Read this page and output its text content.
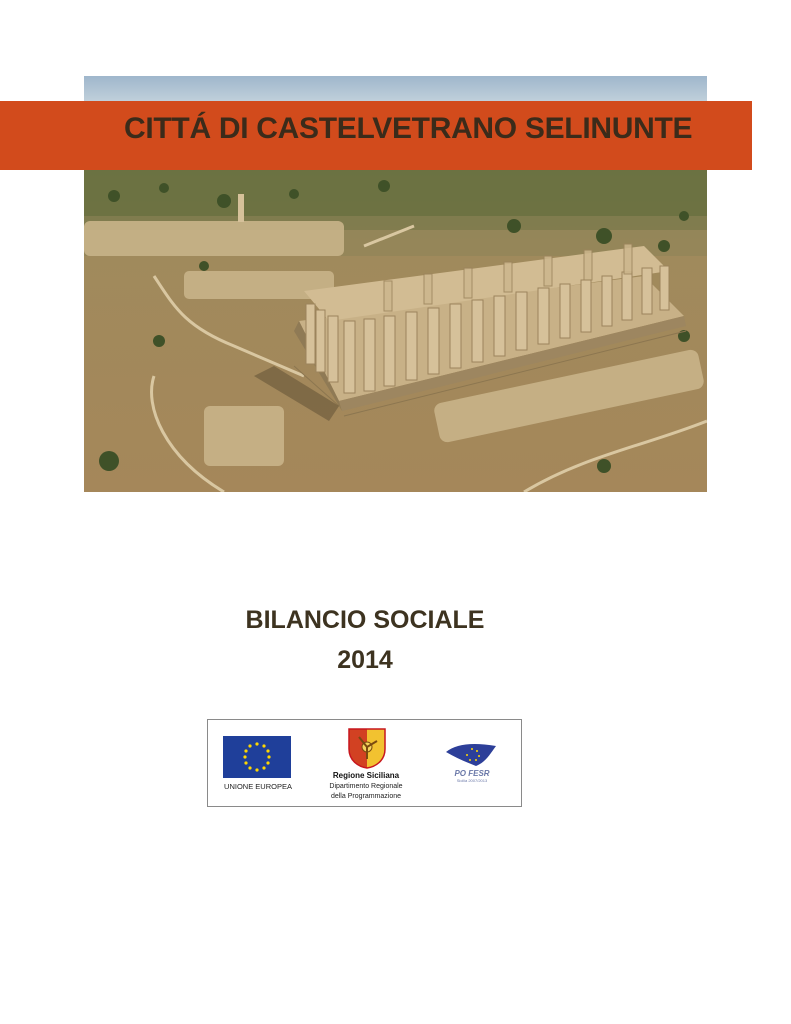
CITTÁ DI CASTELVETRANO SELINUNTE
BILANCIO SOCIALE
2014
UNIONE EUROPEA
Regione Siciliana
Dipartimento Regionale
della Programmazione
PO FESR
Sicilia 2007/2013
